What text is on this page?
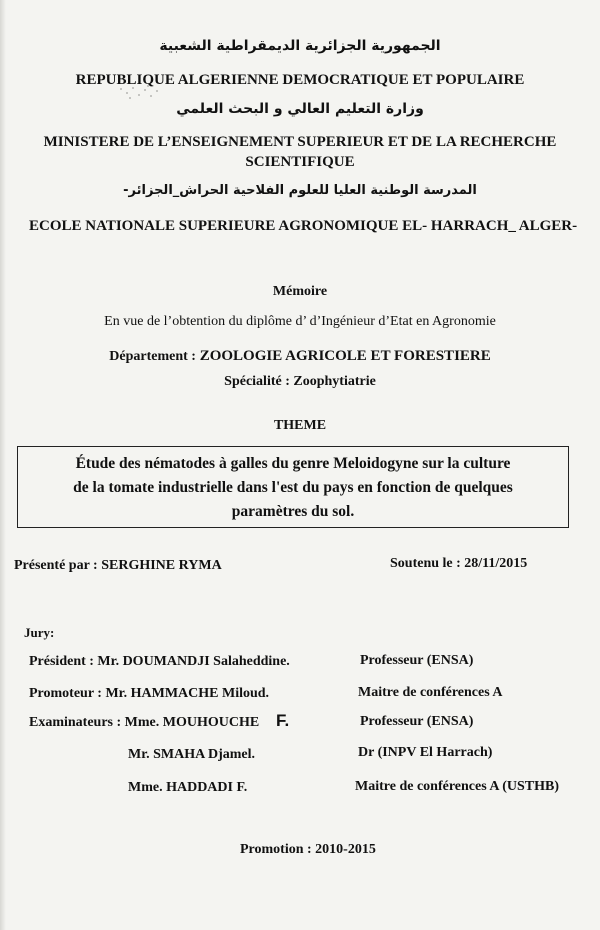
الجمهورية الجزائرية الديمقراطية الشعبية
REPUBLIQUE ALGERIENNE DEMOCRATIQUE ET POPULAIRE
وزارة التعليم العالي و البحث العلمي
MINISTERE DE L’ENSEIGNEMENT SUPERIEUR ET DE LA RECHERCHE
SCIENTIFIQUE
المدرسة الوطنية العليا للعلوم الفلاحية الحراش_الجزائر-
ECOLE NATIONALE SUPERIEURE AGRONOMIQUE EL- HARRACH_ ALGER-
Mémoire
En vue de l’obtention du diplôme d’ d’Ingénieur d’Etat en Agronomie
Département : ZOOLOGIE AGRICOLE ET FORESTIERE
Spécialité : Zoophytiatrie
THEME
Étude des nématodes à galles du genre Meloidogyne sur la culture
de la tomate industrielle dans l'est du pays en fonction de quelques
paramètres du sol.
Présenté par : SERGHINE RYMA	Soutenu le : 28/11/2015
Jury:
Président : Mr. DOUMANDJI Salaheddine.	Professeur (ENSA)
Promoteur : Mr. HAMMACHE Miloud.	Maitre de conférences A
Examinateurs : Mme. MOUHOUCHE F.	Professeur (ENSA)
Mr. SMAHA Djamel.	Dr (INPV El Harrach)
Mme. HADDADI F.	Maitre de conférences A (USTHB)
Promotion : 2010-2015
